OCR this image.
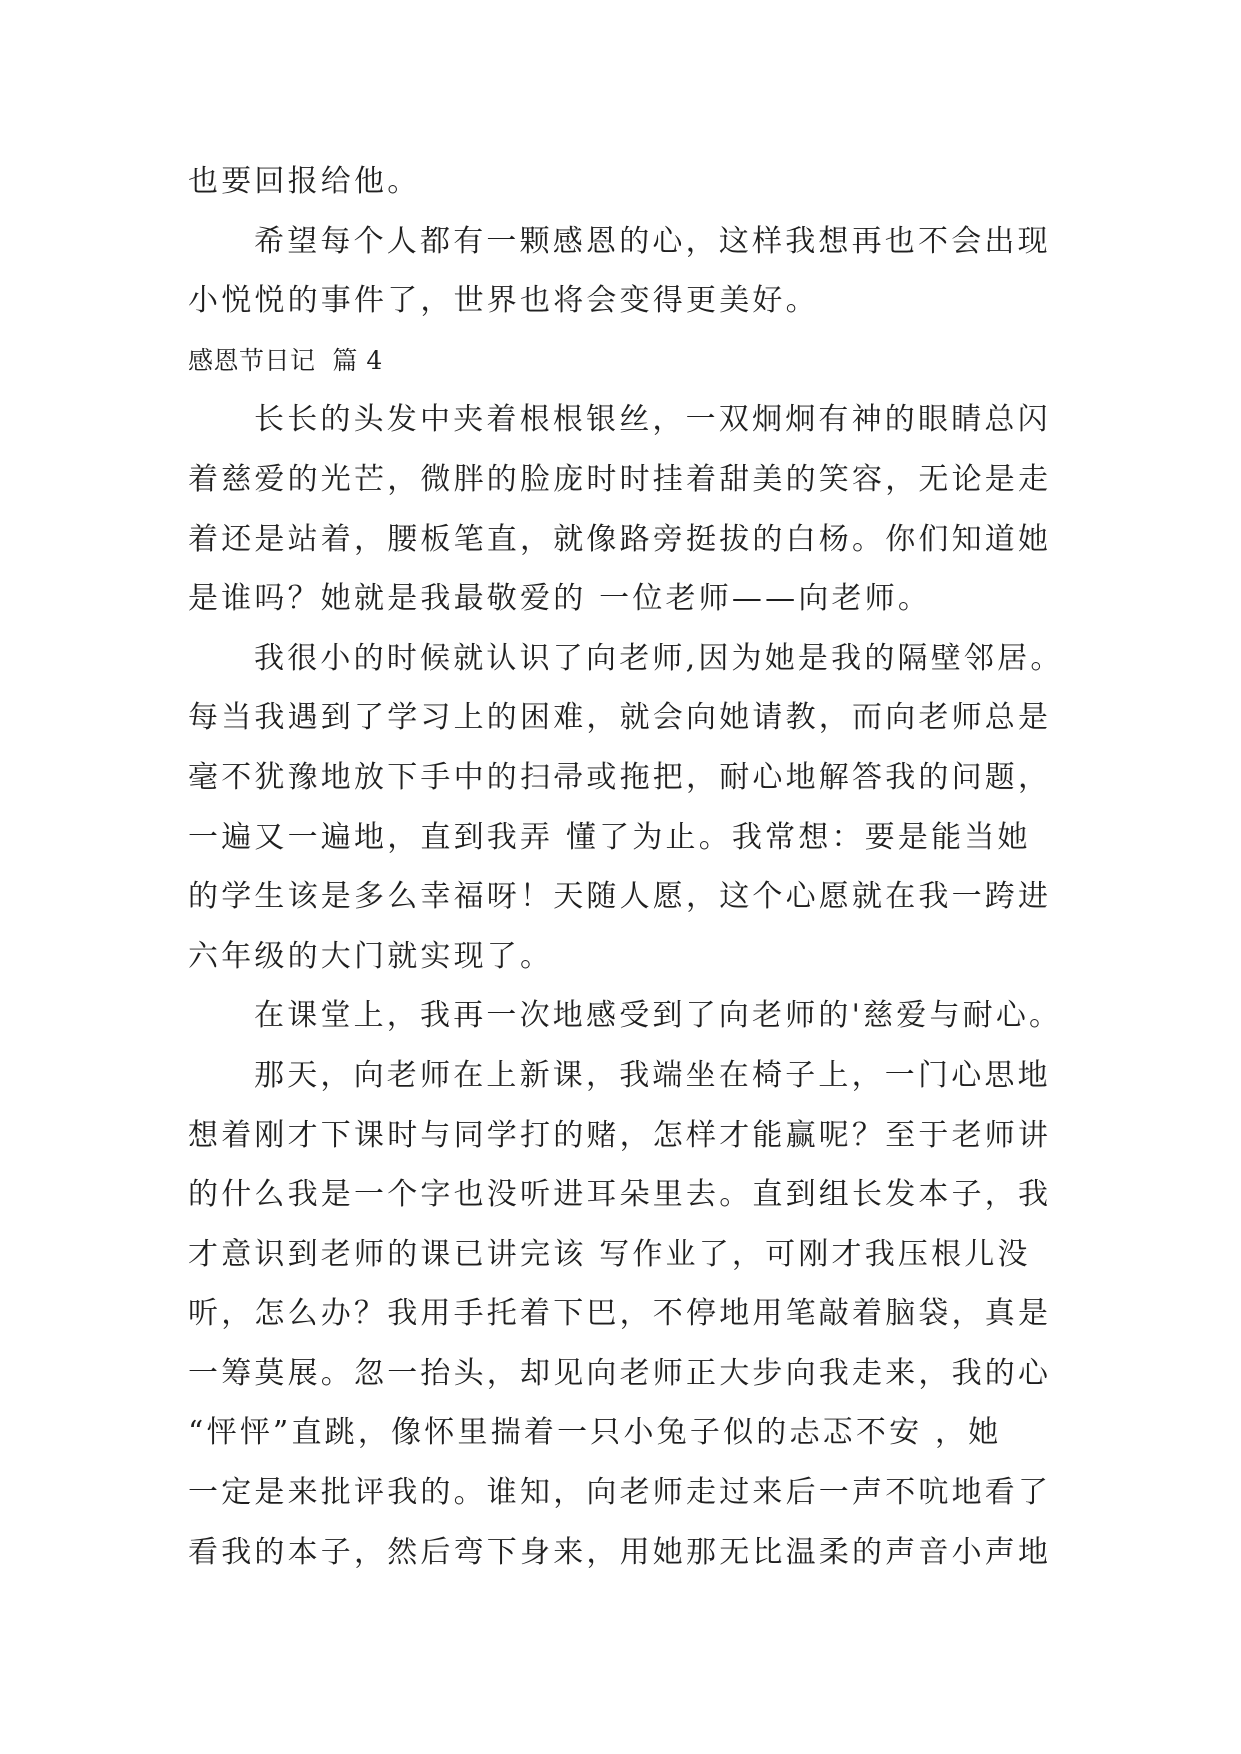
也要回报给他。
希望每个人都有一颗感恩的心，这样我想再也不会出现
小悦悦的事件了，世界也将会变得更美好。
感恩节日记  篇 4
长长的头发中夹着根根银丝，一双炯炯有神的眼睛总闪
着慈爱的光芒，微胖的脸庞时时挂着甜美的笑容，无论是走
着还是站着，腰板笔直，就像路旁挺拔的白杨。你们知道她
是谁吗？她就是我最敬爱的 一位老师——向老师。
我很小的时候就认识了向老师,因为她是我的隔壁邻居。
每当我遇到了学习上的困难，就会向她请教，而向老师总是
毫不犹豫地放下手中的扫帚或拖把，耐心地解答我的问题，
一遍又一遍地，直到我弄 懂了为止。我常想：要是能当她
的学生该是多么幸福呀！天随人愿，这个心愿就在我一跨进
六年级的大门就实现了。
在课堂上，我再一次地感受到了向老师的'慈爱与耐心。
那天，向老师在上新课，我端坐在椅子上，一门心思地
想着刚才下课时与同学打的赌，怎样才能赢呢？至于老师讲
的什么我是一个字也没听进耳朵里去。直到组长发本子，我
才意识到老师的课已讲完该 写作业了，可刚才我压根儿没
听，怎么办？我用手托着下巴，不停地用笔敲着脑袋，真是
一筹莫展。忽一抬头，却见向老师正大步向我走来，我的心
“怦怦”直跳，像怀里揣着一只小兔子似的忐忑不安 ，她
一定是来批评我的。谁知，向老师走过来后一声不吭地看了
看我的本子，然后弯下身来，用她那无比温柔的声音小声地
